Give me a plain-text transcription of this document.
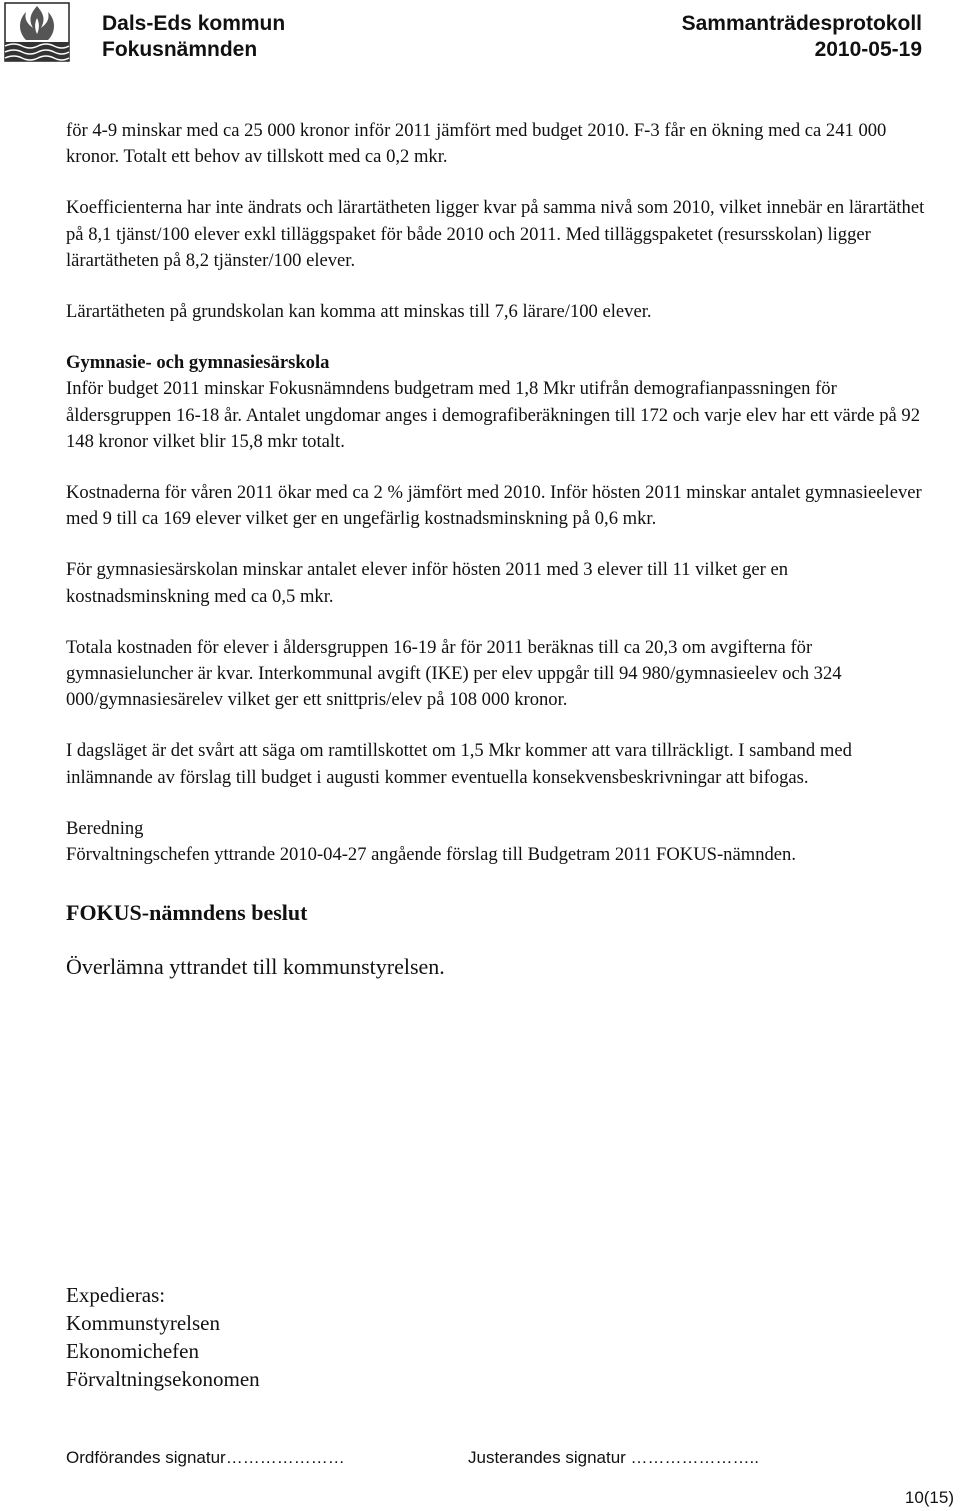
Dals-Eds kommun
Fokusnämnden
Sammanträdesprotokoll
2010-05-19

för 4-9 minskar med ca 25 000 kronor inför 2011 jämfört med budget 2010. F-3 får en ökning med ca 241 000 kronor. Totalt ett behov av tillskott med ca 0,2 mkr.

Koefficienterna har inte ändrats och lärartätheten ligger kvar på samma nivå som 2010, vilket innebär en lärartäthet på 8,1 tjänst/100 elever exkl tilläggspaket för både 2010 och 2011. Med tilläggspaketet (resursskolan) ligger lärartätheten på 8,2 tjänster/100 elever.

Lärartätheten på grundskolan kan komma att minskas till 7,6 lärare/100 elever.

Gymnasie- och gymnasiesärskola

Inför budget 2011 minskar Fokusnämndens budgetram med 1,8 Mkr utifrån demografianpassningen för åldersgruppen 16-18 år. Antalet ungdomar anges i demografiberäkningen till 172 och varje elev har ett värde på 92 148 kronor vilket blir 15,8 mkr totalt.

Kostnaderna för våren 2011 ökar med ca 2 % jämfört med 2010. Inför hösten 2011 minskar antalet gymnasieelever med 9 till ca 169 elever vilket ger en ungefärlig kostnadsminskning på 0,6 mkr.

För gymnasiesärskolan minskar antalet elever inför hösten 2011 med 3 elever till 11 vilket ger en kostnadsminskning med ca 0,5 mkr.

Totala kostnaden för elever i åldersgruppen 16-19 år för 2011 beräknas till ca 20,3 om avgifterna för gymnasieluncher är kvar. Interkommunal avgift (IKE) per elev uppgår till 94 980/gymnasieelev och 324 000/gymnasiesärelev vilket ger ett snittpris/elev på 108 000 kronor.

I dagsläget är det svårt att säga om ramtillskottet om 1,5 Mkr kommer att vara tillräckligt. I samband med inlämnande av förslag till budget i augusti kommer eventuella konsekvensbeskrivningar att bifogas.

Beredning

Förvaltningschefen yttrande 2010-04-27 angående förslag till Budgetram 2011 FOKUS-nämnden.

FOKUS-nämndens beslut

Överlämna yttrandet till kommunstyrelsen.

Expedieras:
Kommunstyrelsen
Ekonomichefen
Förvaltningsekonomen
Ordförandes signatur…………………	Justerandes signatur …………………..
10(15)
